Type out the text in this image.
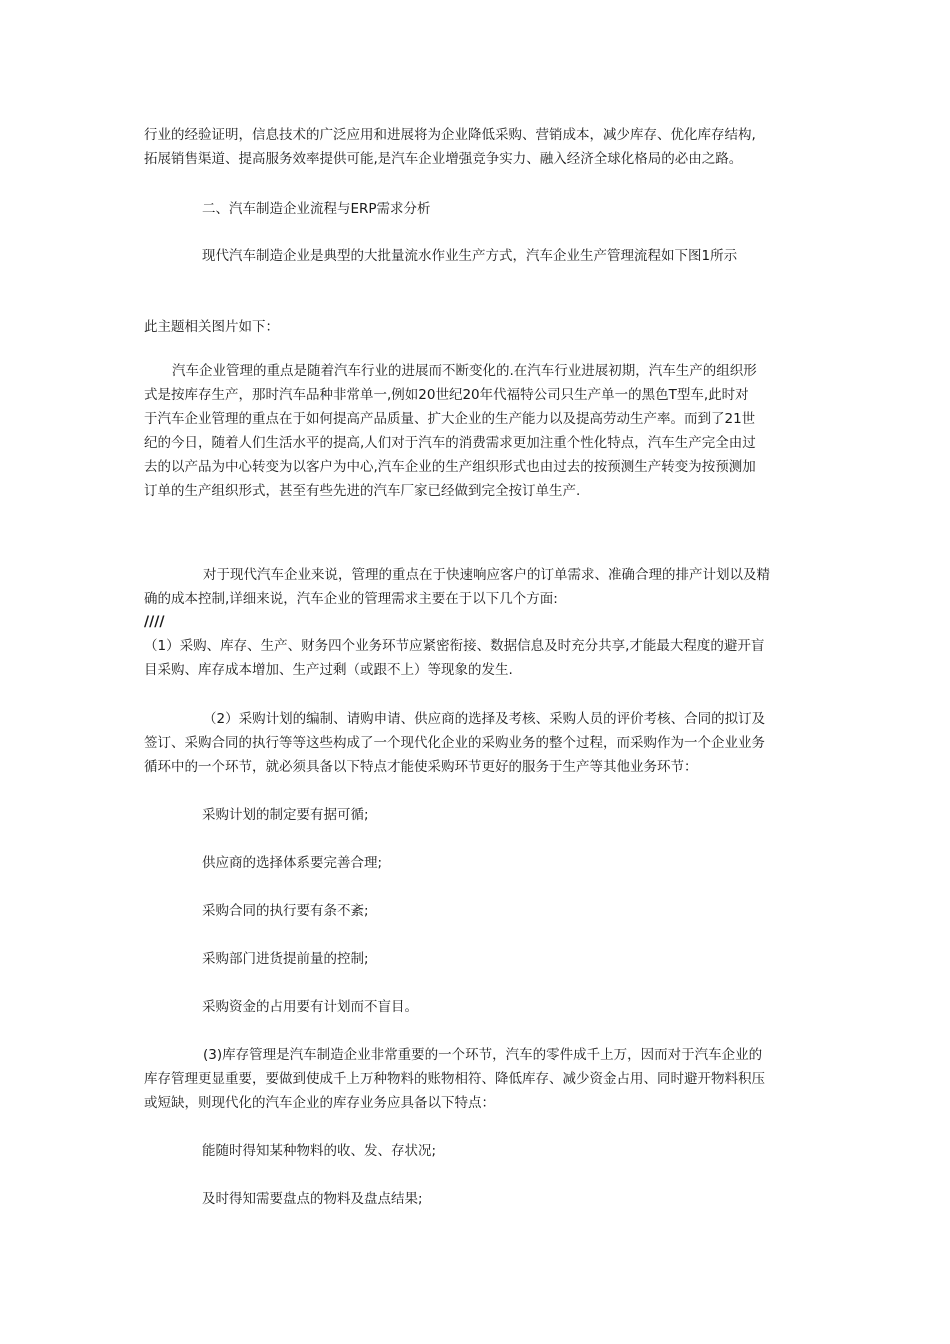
行业的经验证明，信息技术的广泛应用和进展将为企业降低采购、营销成本，减少库存、优化库存结构,
拓展销售渠道、提高服务效率提供可能,是汽车企业增强竞争实力、融入经济全球化格局的必由之路。
二、汽车制造企业流程与ERP需求分析
现代汽车制造企业是典型的大批量流水作业生产方式，汽车企业生产管理流程如下图1所示
此主题相关图片如下：
汽车企业管理的重点是随着汽车行业的进展而不断变化的.在汽车行业进展初期，汽车生产的组织形
式是按库存生产，那时汽车品种非常单一,例如20世纪20年代福特公司只生产单一的黑色T型车,此时对
于汽车企业管理的重点在于如何提高产品质量、扩大企业的生产能力以及提高劳动生产率。而到了21世
纪的今日，随着人们生活水平的提高,人们对于汽车的消费需求更加注重个性化特点，汽车生产完全由过
去的以产品为中心转变为以客户为中心,汽车企业的生产组织形式也由过去的按预测生产转变为按预测加
订单的生产组织形式，甚至有些先进的汽车厂家已经做到完全按订单生产.
对于现代汽车企业来说，管理的重点在于快速响应客户的订单需求、准确合理的排产计划以及精
确的成本控制,详细来说，汽车企业的管理需求主要在于以下几个方面:
////
（1）采购、库存、生产、财务四个业务环节应紧密衔接、数据信息及时充分共享,才能最大程度的避开盲
目采购、库存成本增加、生产过剩（或跟不上）等现象的发生.
（2）采购计划的编制、请购申请、供应商的选择及考核、采购人员的评价考核、合同的拟订及
签订、采购合同的执行等等这些构成了一个现代化企业的采购业务的整个过程，而采购作为一个企业业务
循环中的一个环节，就必须具备以下特点才能使采购环节更好的服务于生产等其他业务环节：
采购计划的制定要有据可循;
供应商的选择体系要完善合理;
采购合同的执行要有条不紊;
采购部门进货提前量的控制;
采购资金的占用要有计划而不盲目。
(3)库存管理是汽车制造企业非常重要的一个环节，汽车的零件成千上万，因而对于汽车企业的
库存管理更显重要，要做到使成千上万种物料的账物相符、降低库存、减少资金占用、同时避开物料积压
或短缺，则现代化的汽车企业的库存业务应具备以下特点：
能随时得知某种物料的收、发、存状况;
及时得知需要盘点的物料及盘点结果;
